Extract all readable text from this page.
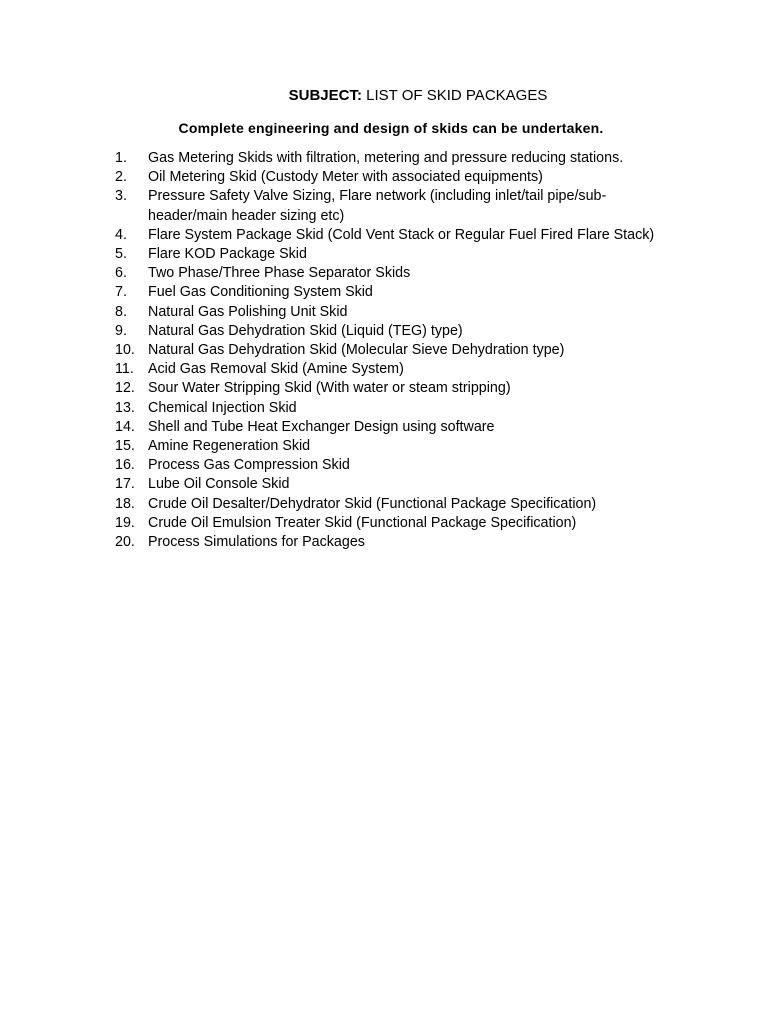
SUBJECT: LIST OF SKID PACKAGES
Complete engineering and design of skids can be undertaken.
1.	Gas Metering Skids with filtration, metering and pressure reducing stations.
2.	Oil Metering Skid (Custody Meter with associated equipments)
3.	Pressure Safety Valve Sizing, Flare network (including inlet/tail pipe/sub-header/main header sizing etc)
4.	Flare System Package Skid (Cold Vent Stack or Regular Fuel Fired Flare Stack)
5.	Flare KOD Package Skid
6.	Two Phase/Three Phase Separator Skids
7.	Fuel Gas Conditioning System Skid
8.	Natural Gas Polishing Unit Skid
9.	Natural Gas Dehydration Skid (Liquid (TEG) type)
10. Natural Gas Dehydration Skid (Molecular Sieve Dehydration type)
11. Acid Gas Removal Skid (Amine System)
12. Sour Water Stripping Skid (With water or steam stripping)
13. Chemical Injection Skid
14. Shell and Tube Heat Exchanger Design using software
15. Amine Regeneration Skid
16. Process Gas Compression Skid
17. Lube Oil Console Skid
18. Crude Oil Desalter/Dehydrator Skid (Functional Package Specification)
19. Crude Oil Emulsion Treater Skid (Functional Package Specification)
20. Process Simulations for Packages
